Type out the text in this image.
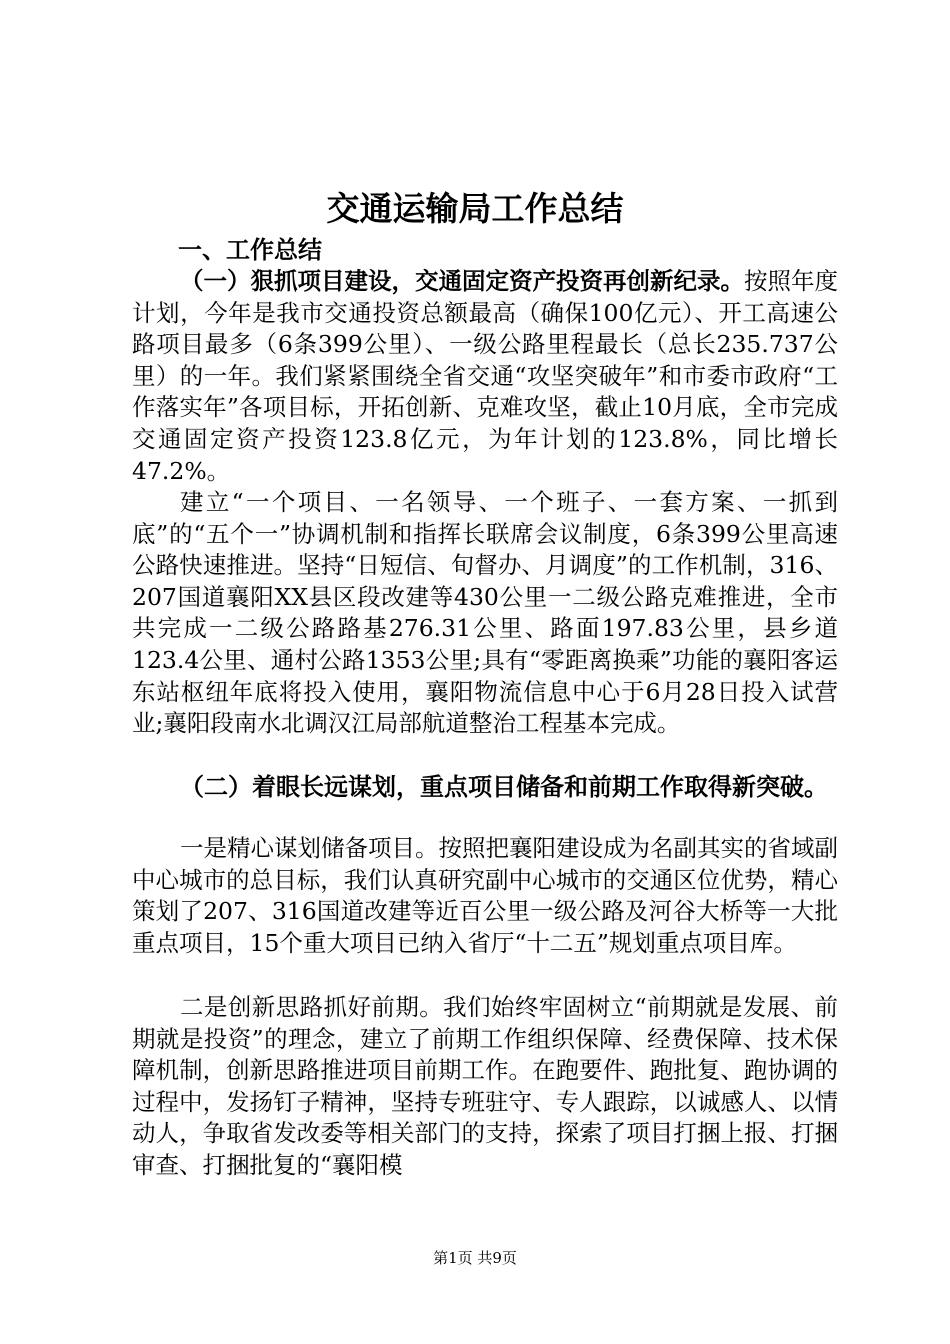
交通运输局工作总结
一、工作总结

（一）狠抓项目建设，交通固定资产投资再创新纪录。按照年度计划，今年是我市交通投资总额最高（确保100亿元）、开工高速公路项目最多（6条399公里）、一级公路里程最长（总长235.737公里）的一年。我们紧紧围绕全省交通“攻坚突破年”和市委市政府“工作落实年”各项目标，开拓创新、克难攻坚，截止10月底，全市完成交通固定资产投资123.8亿元，为年计划的123.8%，同比增长47.2%。

建立“一个项目、一名领导、一个班子、一套方案、一抓到底”的“五个一”协调机制和指挥长联席会议制度，6条399公里高速公路快速推进。坚持“日短信、旬督办、月调度”的工作机制，316、207国道襄阳XX县区段改建等430公里一二级公路克难推进，全市共完成一二级公路路基276.31公里、路面197.83公里，县乡道123.4公里、通村公路1353公里;具有“零距离换乘”功能的襄阳客运东站枢纽年底将投入使用，襄阳物流信息中心于6月28日投入试营业;襄阳段南水北调汉江局部航道整治工程基本完成。

（二）着眼长远谋划，重点项目储备和前期工作取得新突破。

一是精心谋划储备项目。按照把襄阳建设成为名副其实的省域副中心城市的总目标，我们认真研究副中心城市的交通区位优势，精心策划了207、316国道改建等近百公里一级公路及河谷大桥等一大批重点项目，15个重大项目已纳入省厅“十二五”规划重点项目库。

二是创新思路抓好前期。我们始终牢固树立“前期就是发展、前期就是投资”的理念，建立了前期工作组织保障、经费保障、技术保障机制，创新思路推进项目前期工作。在跑要件、跑批复、跑协调的过程中，发扬钉子精神，坚持专班驻守、专人跟踪，以诚感人、以情动人，争取省发改委等相关部门的支持，探索了项目打捆上报、打捆审查、打捆批复的“襄阳模

第1页 共9页
